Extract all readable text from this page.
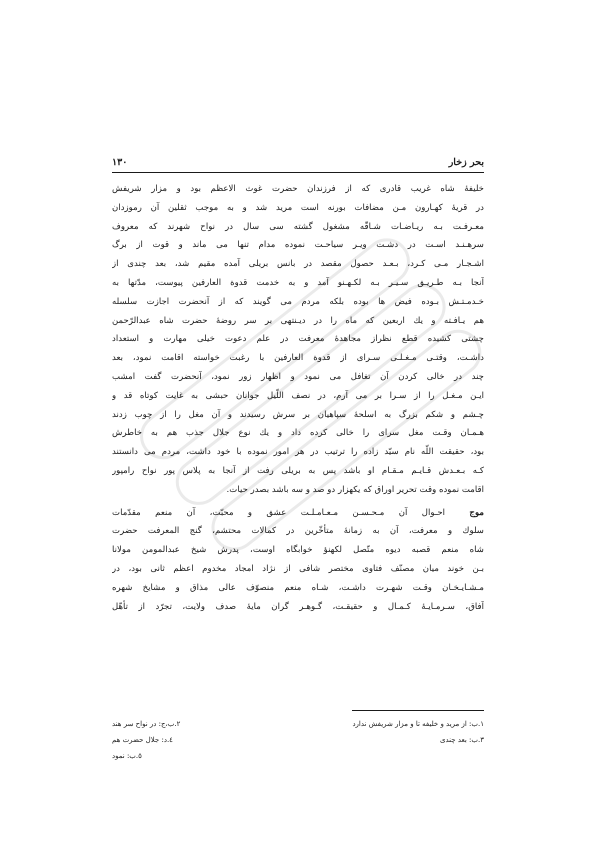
بحر زخار
١٣٠
خلیفهٔ شاه غریب قادری که از فرزندان حضرت غوث الاعظم بود و مزار شریفش
در قریهٔ کهـارون مـن مضافات بورنه است مرید شد و به موجب ثقلین آن رموزدان
معـرفـت بـه ریـاضـات شـاقّه مشغول گشته سی سال در نواح شهرند که معروف
سرهـنـد اسـت در دشـت ویـر سیاحـت نموده مدام تنها می ماند و قوت از برگ
اشـجـار مـی کـرد، بـعـد حصول مقصد در بانس بریلی آمده مقیم شد، بعد چندی از
آنجا بـه طـریـق سـیـر بـه لکـهـنو آمد و به خدمت قدوة العارفین پیوست، مدّتها به
خـدمـتـش بـوده فیض ها بوده بلکه مردم می گویند که از آنحضرت اجازت سلسله
هم یـافـته و یك اربعین که ماه را در دیـنتهی بر سر روضهٔ حضرت شاه عبدالرّحمن
چشتی کشیده قطع نظراز مجاهدهٔ معرفت در علم دعوت خیلی مهارت و استعداد
داشـت، وقتـی مـغـلـی سـرای از قدوة العارفین با رغبت خواسته اقامت نمود، بعد
چند در خالی کردن آن تغافل می نمود و اظهار زور نمود، آنحضرت گفت امشب
ایـن مـغـل را از سـرا بر می آرم، در نصف اللّیل جوانان حبشی به غایت کوتاه قد و
چـشم و شکم بزرگ به اسلحهٔ سپاهیان بر سرش رسیدند و آن مغل را از چوب زدند
هـمـان وقـت مغل سرای را خالی کرده داد و یك نوع جلال جذب هم به خاطرش
بود، حقیقت اللّه نام سیّد زاده را ترتیب در هر امور نموده با خود داشت، مردم می دانستند
کـه بـعـدش قـایـم مـقـام او باشد پس به بریلی رفت از آنجا به پلاس پور نواح رامپور
اقامت نموده وقت تحریر اوراق که یکهزار دو صد و سه باشد بصدر حیات.
موج احـوال آن مـحـسـن مـعـامـلـت عشق و محبّت، آن منعم مقدّمات
سلوك و معرفت، آن به زمانهٔ متأخّرین در کمالات محتشم، گنج المعرفت حضرت
شاه منعم قصبه دیوه متّصل لکهنؤ خوابگاه اوست، پدرش شیخ عبدالمومن مولانا
بـن خوند میان مصنّف فتاوی مختصر شافی از نژاد امجاد مخدوم اعظم ثانی بود، در
مـشـایـخـان وقـت شهـرت داشـت، شـاه منعم منصوّف عالی مذاق و مشایخ شهره
آفاق، سـرمـایـهٔ کـمـال و حقیقـت، گـوهـر گران مایهٔ صدف ولایت، تجرّد از تأهّل
١.ب: از مرید و خلیفه تا و مزار شریفش ندارد
٢.ب،ج: در نواح سر هند
٣.ب: بعد چندی
٤.د: جلال حضرت هم
٥.ب: نمود
